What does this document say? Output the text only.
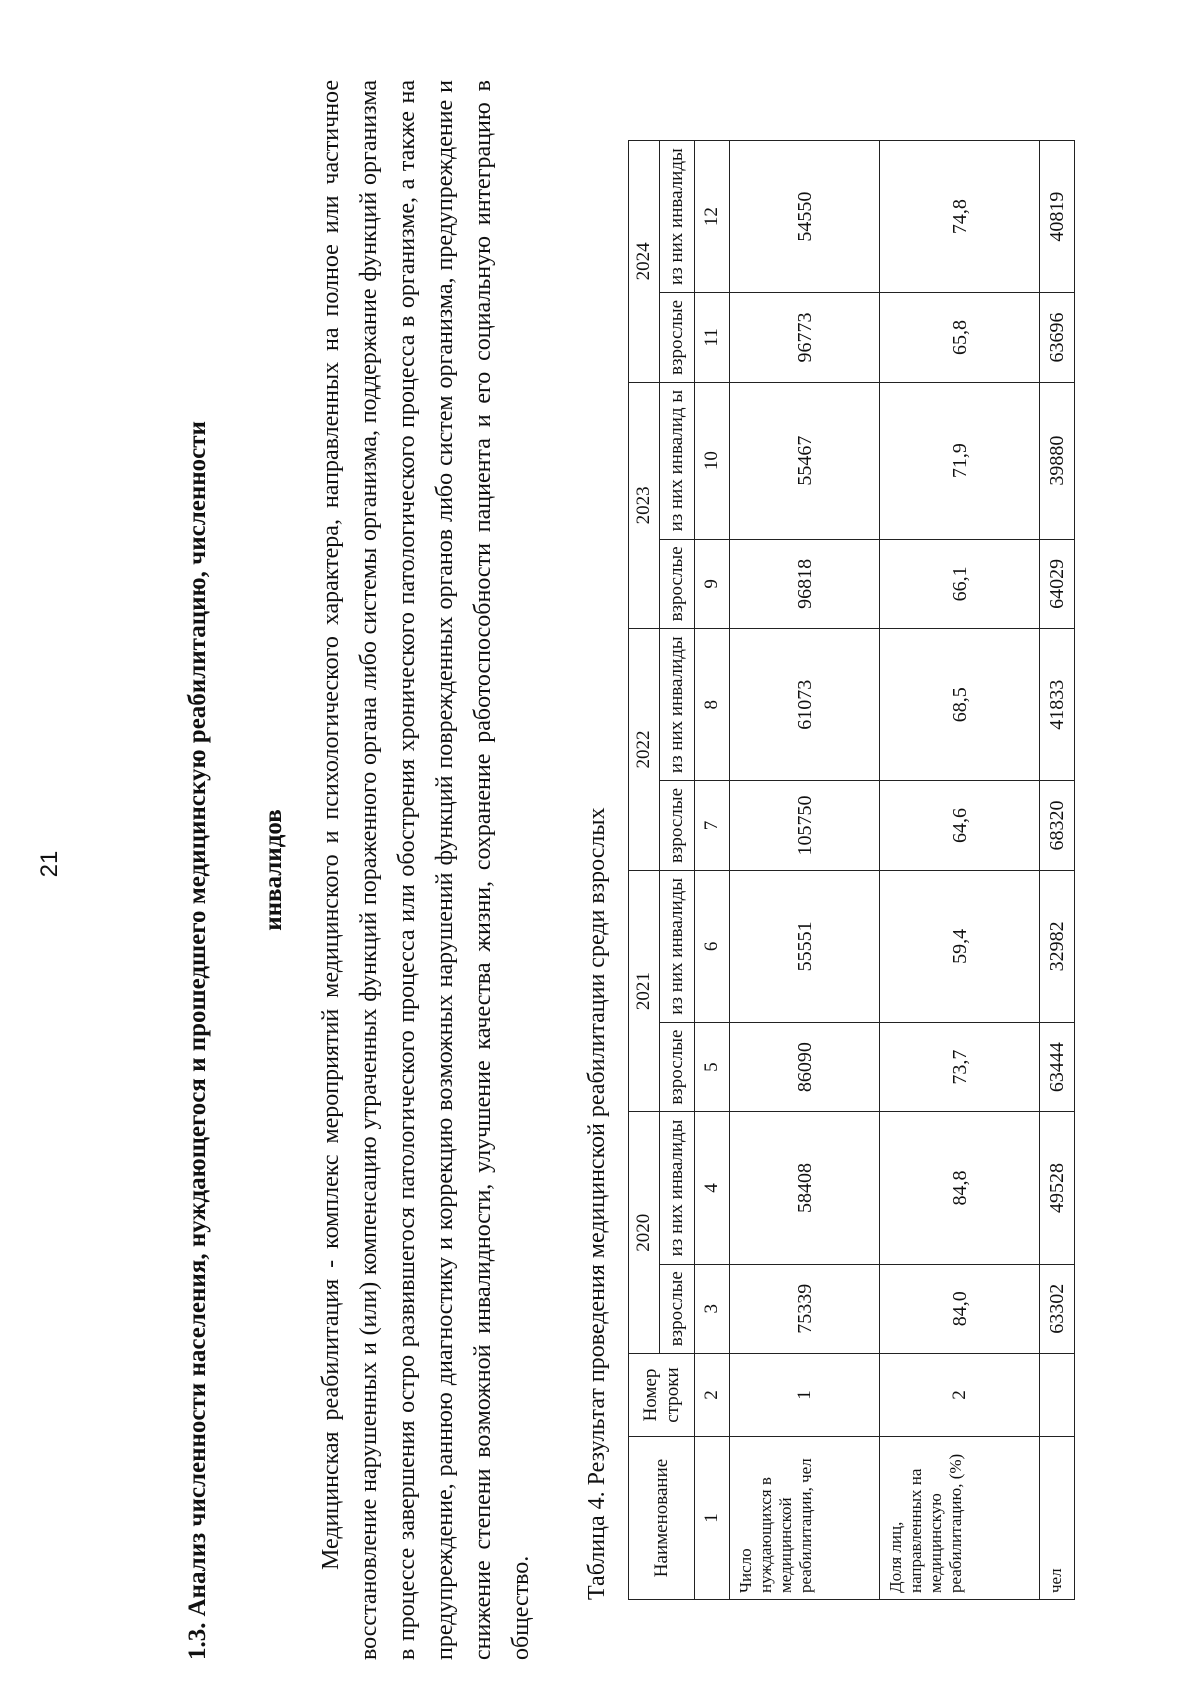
21
1.3.Анализ численности населения, нуждающегося и прошедшего медицинскую реабилитацию, численности инвалидов Медицинская реабилитация - комплекс мероприятий медицинского и психологического характера, направленных на полное или частичное восстановление нарушенных и (или) компенсацию утраченных функций пораженного органа либо системы организма, поддержание функций организма в процессе завершения остро развившегося патологического процесса или обострения хронического патологического процесса в организме, а также на предупреждение, раннюю диагностику и коррекцию возможных нарушений функций поврежденных органов либо систем организма, предупреждение и снижение степени возможной инвалидности, улучшение качества жизни, сохранение работоспособности пациента и его социальную интеграцию в общество.

Таблица 4. Результат проведения медицинской реабилитации среди взрослых Наименование	Номер строки	2020		2021		2022		2023		2024	
		взрослые	из них инвалиды	взрослые	из них инвалиды	взрослые	из них инвалиды	взрослые	из них инвалид ы	взрослые	из них инвалиды
1	2	3	4	5	6	7	8	9	10	11	12
Число нуждающихся в медицинской реабилитации, чел	1	75339	58408	86090	55551	105750	61073	96818	55467	96773	54550
Доля лиц, направленных на медицинскую реабилитацию, (%)	2	84,0	84,8	73,7	59,4	64,6	68,5	66,1	71,9	65,8	74,8
чел		63302	49528	63444	32982	68320	41833	64029	39880	63696	40819
